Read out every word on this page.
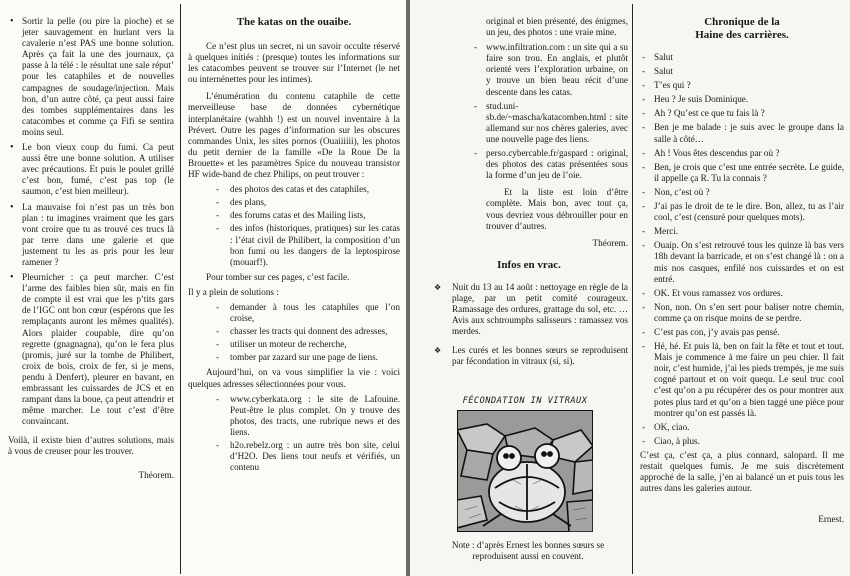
• Sortir la pelle (ou pire la pioche) et se jeter sauvagement en hurlant vers la cavalerie n’est PAS une bonne solution. Après ça fait la une des journaux, ça passe à la télé : le résultat une sale réput’ pour les cataphiles et de nouvelles campagnes de soudage/injection. Mais bon, d’un autre côté, ça peut aussi faire des tombes supplémentaires dans les catacombes et comme ça Fifi se sentira moins seul.
• Le bon vieux coup du fumi. Ca peut aussi être une bonne solution. A utiliser avec précautions. Et puis le poulet grillé c’est bon, fumé, c’est pas top (le saumon, c’est bien meilleur).
• La mauvaise foi n’est pas un très bon plan : tu imagines vraiment que les gars vont croire que tu as trouvé ces trucs là par terre dans une galerie et que justement tu les as pris pour les leur ramener ?
• Pleurnicher : ça peut marcher. C’est l’arme des faibles bien sûr, mais en fin de compte il est vrai que les p’tits gars de l’IGC ont bon cœur (espérons que les remplaçants auront les mêmes qualités). Alors plaider coupable, dire qu’on regrette (gnagnagna), qu’on le fera plus (promis, juré sur la tombe de Philibert, croix de bois, croix de fer, si je mens, pendu à Denfert), pleurer en bavant, en embrassant les cuissardes de JCS et en rampant dans la boue, ça peut attendrir et même marcher. Le tout c’est d’être convaincant.

Voilà, il existe bien d’autres solutions, mais à vous de creuser pour les trouver.

Théorem.

The katas on the ouaibe.

Ce n’est plus un secret, ni un savoir occulte réservé à quelques initiés : (presque) toutes les informations sur les catacombes peuvent se trouver sur l’Internet (le net ou internénettes pour les intimes).

L’énumération du contenu cataphile de cette merveilleuse base de données cybernétique interplanétaire (wahhh !) est un nouvel inventaire à la Prévert. Outre les pages d’information sur les obscures commandes Unix, les sites pornos (Ouaiiiiii), les photos du petit dernier de la famille «De la Roue De la Brouette» et les paramètres Spice du nouveau transistor HF wide-band de chez Philips, on peut trouver :

- des photos des catas et des cataphiles,
- des plans,
- des forums catas et des Mailing lists,
- des infos (historiques, pratiques) sur les catas : l’état civil de Philibert, la composition d’un bon fumi ou les dangers de la leptospirose (mouarf!).

Pour tomber sur ces pages, c’est facile.

Il y a plein de solutions :

- demander à tous les cataphiles que l’on croise,
- chasser les tracts qui donnent des adresses,
- utiliser un moteur de recherche,
- tomber par zazard sur une page de liens.

Aujourd’hui, on va vous simplifier la vie : voici quelques adresses sélectionnées pour vous.

- www.cyberkata.org : le site de Lafouine. Peut-être le plus complet. On y trouve des photos, des tracts, une rubrique news et des liens.
- h2o.rebelz.org : un autre très bon site, celui d’H2O. Des liens tout neufs et vérifiés, un contenu

original et bien présenté, des énigmes, un jeu, des photos : une vraie mine.

- www.infiltration.com : un site qui a su faire son trou. En anglais, et plutôt orienté vers l’exploration urbaine, on y trouve un bien beau récit d’une descente dans les catas.
- stud.uni-sb.de/~mascha/katacomben.html : site allemand sur nos chères galeries, avec une nouvelle page des liens.
- perso.cybercable.fr/gaspard : original, des photos des catas présentées sous la forme d’un jeu de l’oie.

Et la liste est loin d’être complète. Mais bon, avec tout ça, vous devriez vous débrouiller pour en trouver d’autres.

Théorem.

Infos en vrac.
❖ Nuit du 13 au 14 août : nettoyage en règle de la plage, par un petit comité courageux. Ramassage des ordures, grattage du sol, etc. … Avis aux schtroumphs salisseurs : ramassez vos merdes.
❖ Les curés et les bonnes sœurs se reproduisent par fécondation in vitraux (si, si).

Note : d’après Ernest les bonnes sœurs se reproduisent aussi en couvent.

Chronique de la
Haine des carrières.
- Salut
- Salut
- T’es qui ?
- Heu ? Je suis Dominique.
- Ah ? Qu’est ce que tu fais là ?
- Ben je me balade : je suis avec le groupe dans la salle à côté…
- Ah ! Vous êtes descendus par où ?
- Ben, je crois que c’est une entrée secrète. Le guide, il appelle ça R. Tu la connais ?
- Non, c’est où ?
- J’ai pas le droit de te le dire. Bon, allez, tu as l’air cool, c’est (censuré pour quelques mots).
- Merci.
- Ouaip. On s’est retrouvé tous les quinze là bas vers 18h devant la barricade, et on s’est changé là : on a mis nos casques, enfilé nos cuissardes et on est entré.
- OK. Et vous ramassez vos ordures.
- Non, non. On s’en sert pour baliser notre chemin, comme ça on risque moins de se perdre.
- C’est pas con, j’y avais pas pensé.
- Hé, hé. Et puis là, ben on fait la fête et tout et tout. Mais je commence à me faire un peu chier. Il fait noir, c’est humide, j’ai les pieds trempés, je me suis cogné partout et on voit quequ. Le seul truc cool c’est qu’on a pu récupérer des os pour montrer aux potes plus tard et qu’on a bien taggé une pièce pour montrer qu’on est passés là.
- OK, ciao.
- Ciao, à plus.

C’est ça, c’est ça, a plus connard, salopard. Il me restait quelques fumis. Je me suis discrètement approché de la salle, j’en ai balancé un et puis tous les autres dans les galeries autour.

Ernest.

FÉCONDATION IN VITRAUX
